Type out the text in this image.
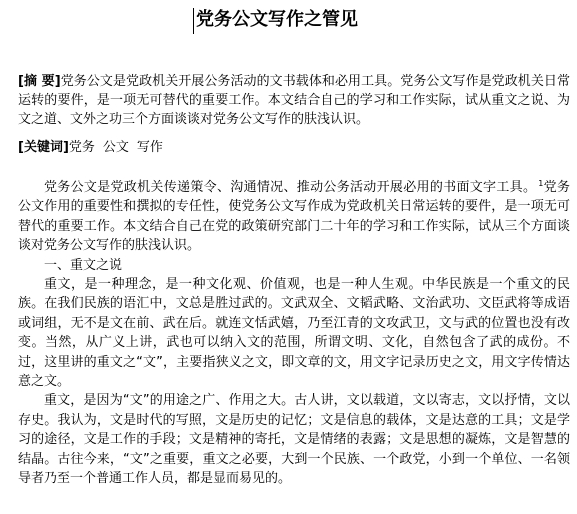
党务公文写作之管见
[摘 要]党务公文是党政机关开展公务活动的文书载体和必用工具。党务公文写作是党政机关日常运转的要件，是一项无可替代的重要工作。本文结合自己的学习和工作实际，试从重文之说、为文之道、文外之功三个方面谈谈对党务公文写作的肤浅认识。
[关键词]党务 公文 写作

党务公文是党政机关传递策令、沟通情况、推动公务活动开展必用的书面文字工具。 $^1$党务公文作用的重要性和撰拟的专任性，使党务公文写作成为党政机关日常运转的要件，是一项无可替代的重要工作。本文结合自己在党的政策研究部门二十年的学习和工作实际，试从三个方面谈谈对党务公文写作的肤浅认识。

一、重文之说

重文，是一种理念，是一种文化观、价值观，也是一种人生观。中华民族是一个重文的民族。在我们民族的语汇中，文总是胜过武的。文武双全、文韬武略、文治武功、文臣武将等成语或词组，无不是文在前、武在后。就连文恬武嬉，乃至江青的文攻武卫，文与武的位置也没有改变。当然，从广义上讲，武也可以纳入文的范围，所谓文明、文化，自然包含了武的成份。不过，这里讲的重文之“文”，主要指狭义之文，即文章的文，用文字记录历史之文，用文字传情达意之文。

重文，是因为“文”的用途之广、作用之大。古人讲，文以载道，文以寄志，文以抒情，文以存史。我认为，文是时代的写照，文是历史的记忆；文是信息的载体，文是达意的工具；文是学习的途径，文是工作的手段；文是精神的寄托，文是情绪的表露；文是思想的凝炼，文是智慧的结晶。古往今来，“文”之重要，重文之必要，大到一个民族、一个政党，小到一个单位、一名领导者乃至一个普通工作人员，都是显而易见的。
